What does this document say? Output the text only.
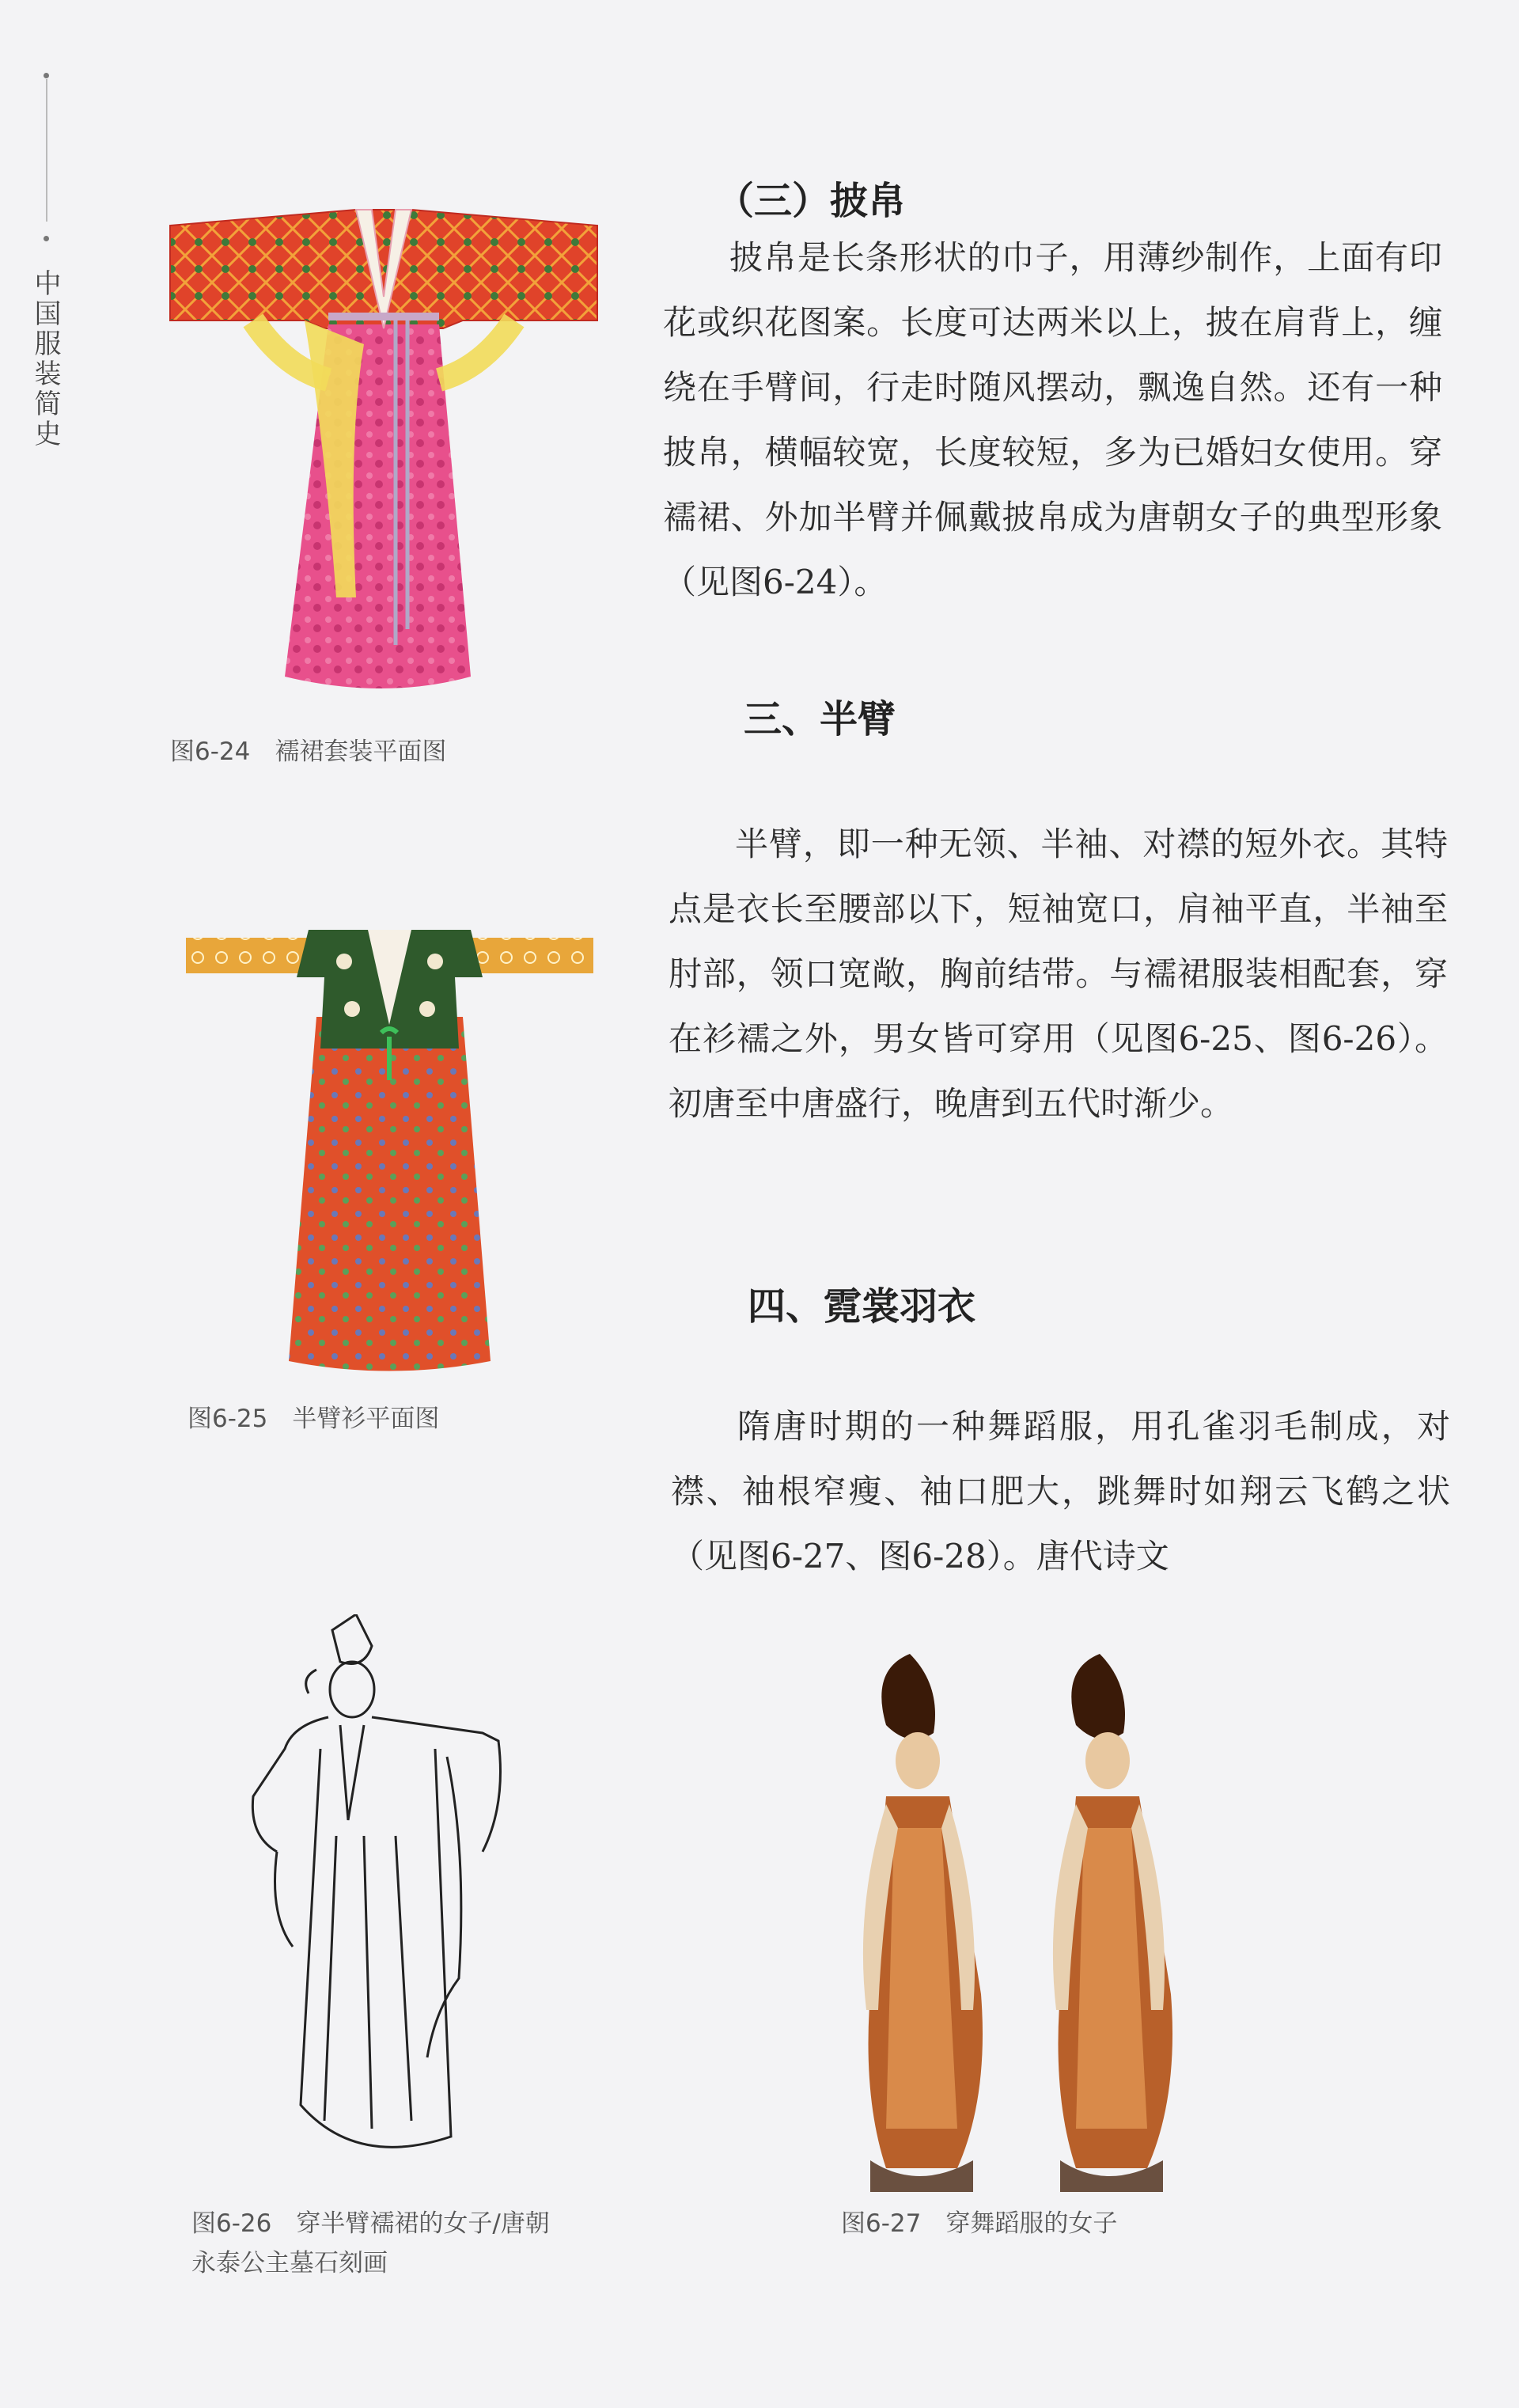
中国服装简史
图6-24　襦裙套装平面图
图6-25　半臂衫平面图
图6-26　穿半臂襦裙的女子/唐朝
永泰公主墓石刻画
图6-27　穿舞蹈服的女子
（三）披帛

披帛是长条形状的巾子，用薄纱制作，上面有印花或织花图案。长度可达两米以上，披在肩背上，缠绕在手臂间，行走时随风摆动，飘逸自然。还有一种披帛，横幅较宽，长度较短，多为已婚妇女使用。穿襦裙、外加半臂并佩戴披帛成为唐朝女子的典型形象（见图6-24）。

三、半臂

半臂，即一种无领、半袖、对襟的短外衣。其特点是衣长至腰部以下，短袖宽口，肩袖平直，半袖至肘部，领口宽敞，胸前结带。与襦裙服装相配套，穿在衫襦之外，男女皆可穿用（见图6-25、图6-26）。初唐至中唐盛行，晚唐到五代时渐少。

四、霓裳羽衣

隋唐时期的一种舞蹈服，用孔雀羽毛制成，对襟、袖根窄瘦、袖口肥大，跳舞时如翔云飞鹤之状（见图6-27、图6-28）。唐代诗文
